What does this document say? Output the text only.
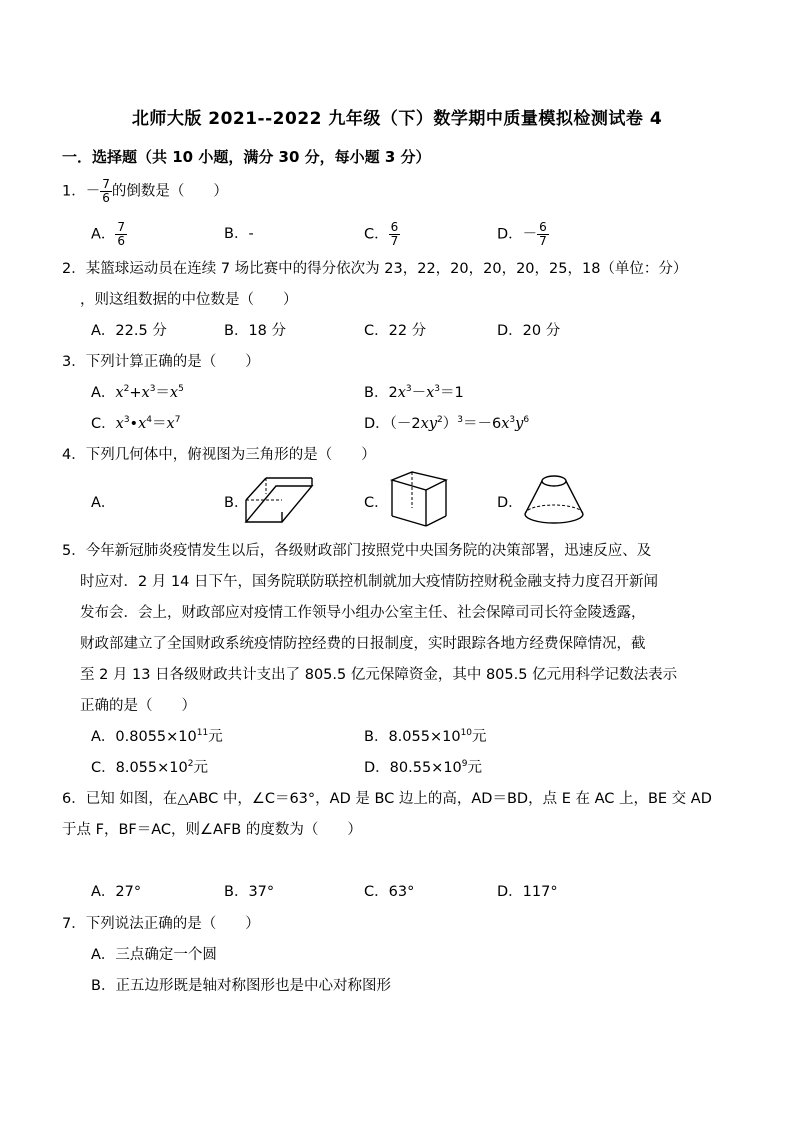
北师大版 2021--2022 九年级（下）数学期中质量模拟检测试卷 4
一．选择题（共 10 小题，满分 30 分，每小题 3 分）
1．－ $\frac{7}{6}$ 的倒数是（　　）
A． $\frac{7}{6}$	B．-	C． $\frac{6}{7}$	D．－ $\frac{6}{7}$
2．某篮球运动员在连续 7 场比赛中的得分依次为 23，22，20，20，20，25，18（单位：分）
，则这组数据的中位数是（　　）
A．22.5 分	B．18 分	C．22 分	D．20 分
3．下列计算正确的是（　　）
A．$x^2+x^3=x^5$	B．$2x^3-x^3=1$
C．$x^3•x^4=x^7$	D．$(-2xy^2)^3=-6x^3y^6$
4．下列几何体中，俯视图为三角形的是（　　）
A．	B．	C．	D．
5．今年新冠肺炎疫情发生以后，各级财政部门按照党中央国务院的决策部署，迅速反应、及
时应对．2 月 14 日下午，国务院联防联控机制就加大疫情防控财税金融支持力度召开新闻
发布会．会上，财政部应对疫情工作领导小组办公室主任、社会保障司司长符金陵透露，
财政部建立了全国财政系统疫情防控经费的日报制度，实时跟踪各地方经费保障情况，截
至 2 月 13 日各级财政共计支出了 805.5 亿元保障资金，其中 805.5 亿元用科学记数法表示
正确的是（　　）
A．$0.8055\times 10^{11}$元	B．$8.055\times 10^{10}$元
C．$8.055\times 10^2$元	D．$80.55\times 10^9$元
6．已知 如图，在△ABC 中，∠C＝63°，AD 是 BC 边上的高，AD＝BD，点 E 在 AC 上，BE 交 AD
于点 F，BF＝AC，则∠AFB 的度数为（　　）
A．27°	B．37°	C．63°	D．117°
7．下列说法正确的是（　　）
A．三点确定一个圆
B．正五边形既是轴对称图形也是中心对称图形
